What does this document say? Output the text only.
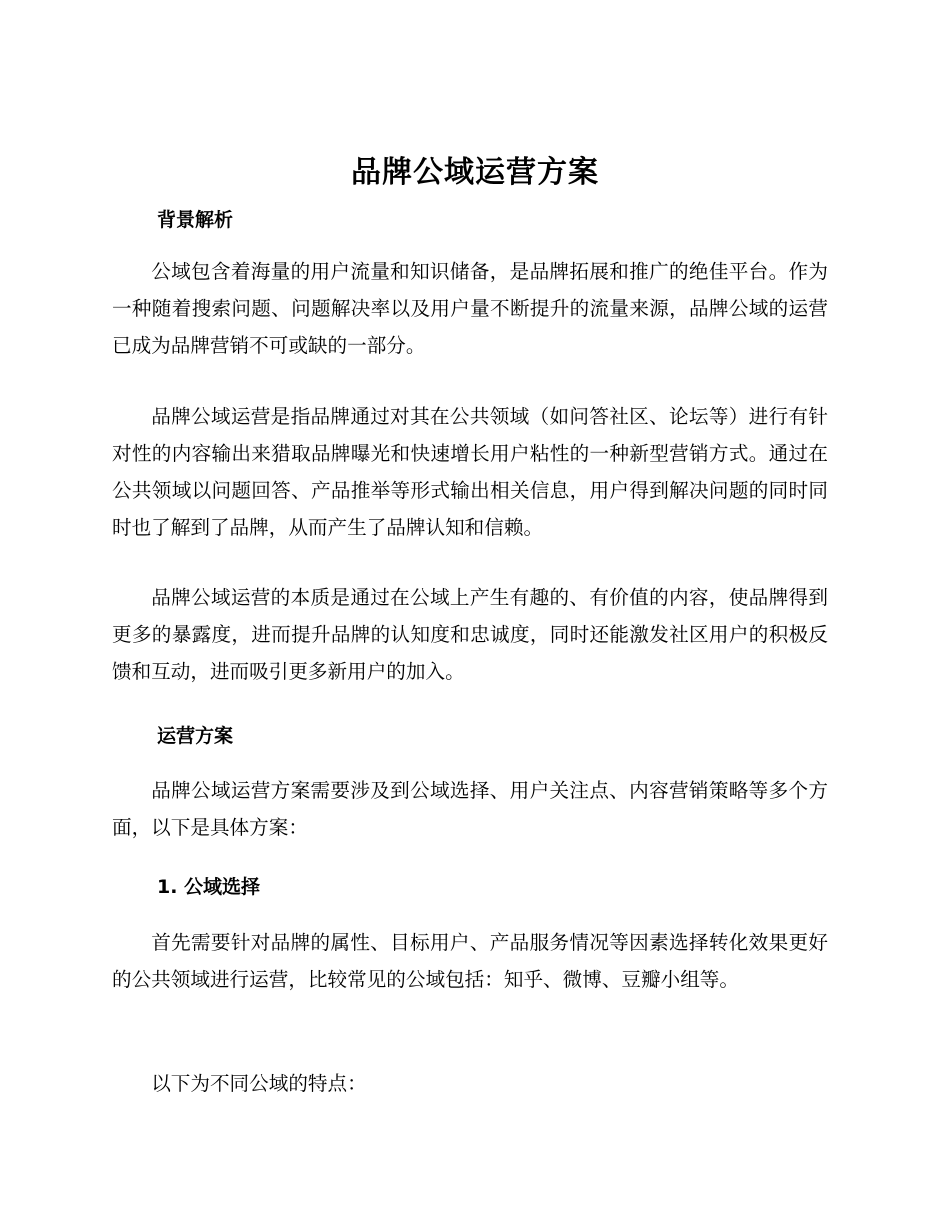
品牌公域运营方案
背景解析
公域包含着海量的用户流量和知识储备，是品牌拓展和推广的绝佳平台。作为一种随着搜索问题、问题解决率以及用户量不断提升的流量来源，品牌公域的运营已成为品牌营销不可或缺的一部分。
品牌公域运营是指品牌通过对其在公共领域（如问答社区、论坛等）进行有针对性的内容输出来猎取品牌曝光和快速增长用户粘性的一种新型营销方式。通过在公共领域以问题回答、产品推举等形式输出相关信息，用户得到解决问题的同时同时也了解到了品牌，从而产生了品牌认知和信赖。
品牌公域运营的本质是通过在公域上产生有趣的、有价值的内容，使品牌得到更多的暴露度，进而提升品牌的认知度和忠诚度，同时还能激发社区用户的积极反馈和互动，进而吸引更多新用户的加入。
运营方案
品牌公域运营方案需要涉及到公域选择、用户关注点、内容营销策略等多个方面，以下是具体方案：
1. 公域选择
首先需要针对品牌的属性、目标用户、产品服务情况等因素选择转化效果更好的公共领域进行运营，比较常见的公域包括：知乎、微博、豆瓣小组等。
以下为不同公域的特点：
